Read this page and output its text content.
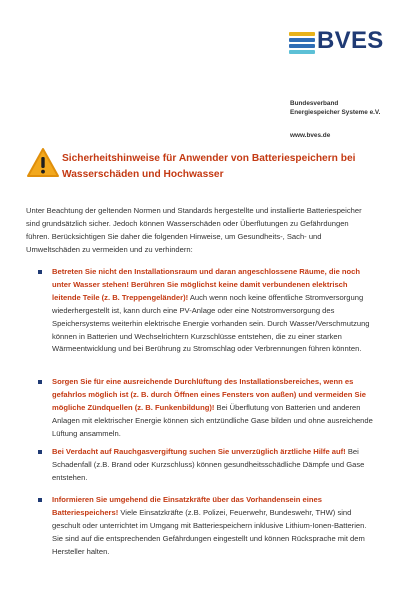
BVES
Bundesverband
Energiespeicher Systeme e.V.
www.bves.de
Sicherheitshinweise für Anwender von Batteriespeichern bei Wasserschäden und Hochwasser
Unter Beachtung der geltenden Normen und Standards hergestellte und installierte Batteriespeicher sind grundsätzlich sicher. Jedoch können Wasserschäden oder Überflutungen zu Gefährdungen führen. Berücksichtigen Sie daher die folgenden Hinweise, um Gesundheits-, Sach- und Umweltschäden zu vermeiden und zu verhindern:
Betreten Sie nicht den Installationsraum und daran angeschlossene Räume, die noch unter Wasser stehen! Berühren Sie möglichst keine damit verbundenen elektrisch leitende Teile (z. B. Treppengeländer)! Auch wenn noch keine öffentliche Stromversorgung wiederhergestellt ist, kann durch eine PV-Anlage oder eine Notstromversorgung des Speichersystems weiterhin elektrische Energie vorhanden sein. Durch Wasser/Verschmutzung können in Batterien und Wechselrichtern Kurzschlüsse entstehen, die zu einer starken Wärmeentwicklung und bei Berührung zu Stromschlag oder Verbrennungen führen könnten.
Sorgen Sie für eine ausreichende Durchlüftung des Installationsbereiches, wenn es gefahrlos möglich ist (z. B. durch Öffnen eines Fensters von außen) und vermeiden Sie mögliche Zündquellen (z. B. Funkenbildung)! Bei Überflutung von Batterien und anderen Anlagen mit elektrischer Energie können sich entzündliche Gase bilden und ohne ausreichende Lüftung ansammeln.
Bei Verdacht auf Rauchgasvergiftung suchen Sie unverzüglich ärztliche Hilfe auf! Bei Schadenfall (z.B. Brand oder Kurzschluss) können gesundheitsschädliche Dämpfe und Gase entstehen.
Informieren Sie umgehend die Einsatzkräfte über das Vorhandensein eines Batteriespeichers! Viele Einsatzkräfte (z.B. Polizei, Feuerwehr, Bundeswehr, THW) sind geschult oder unterrichtet im Umgang mit Batteriespeichern inklusive Lithium-Ionen-Batterien. Sie sind auf die entsprechenden Gefährdungen eingestellt und können Rücksprache mit dem Hersteller halten.
